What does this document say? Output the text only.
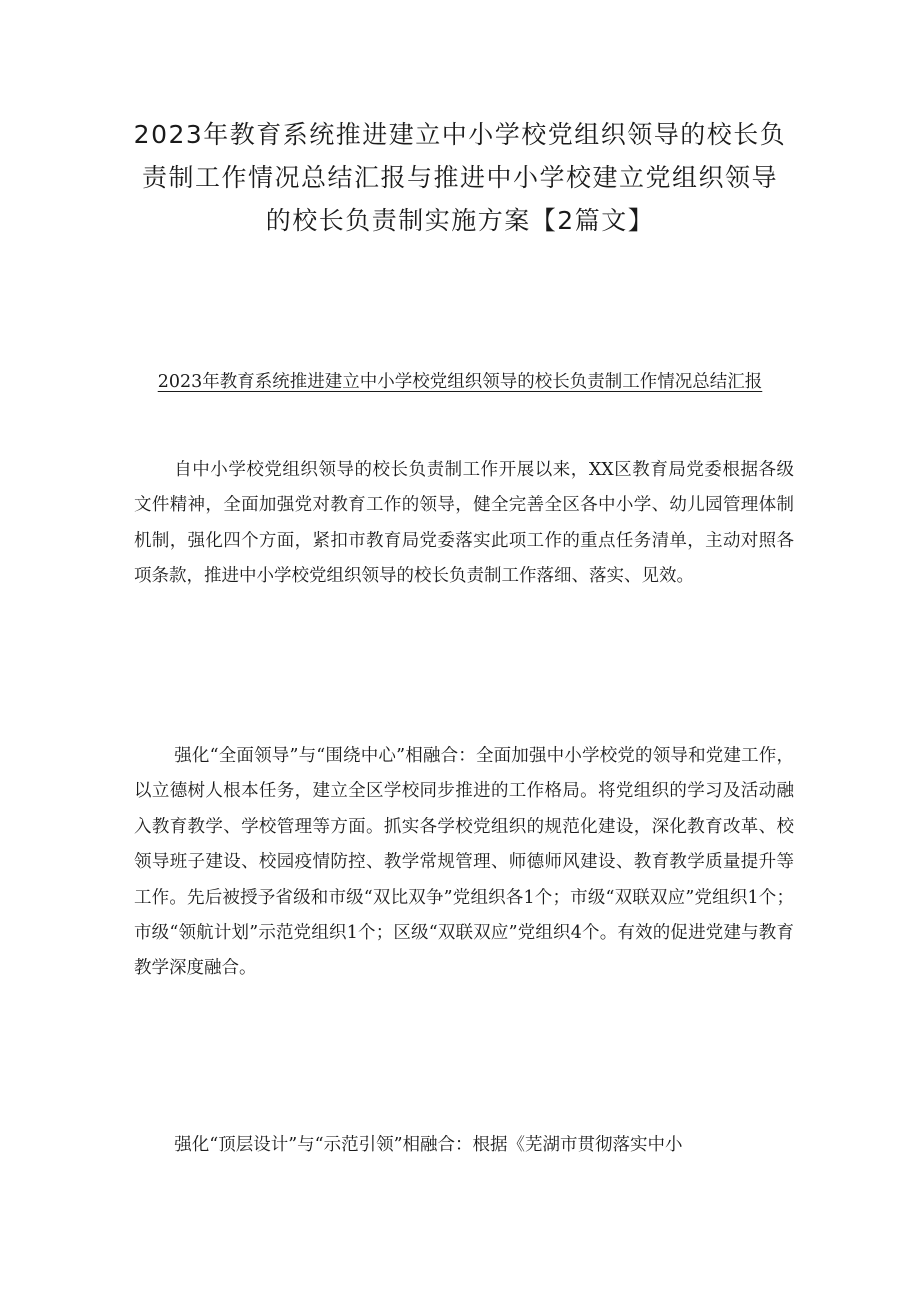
2023年教育系统推进建立中小学校党组织领导的校长负责制工作情况总结汇报与推进中小学校建立党组织领导的校长负责制实施方案【2篇文】
2023年教育系统推进建立中小学校党组织领导的校长负责制工作情况总结汇报

自中小学校党组织领导的校长负责制工作开展以来，XX区教育局党委根据各级文件精神，全面加强党对教育工作的领导，健全完善全区各中小学、幼儿园管理体制机制，强化四个方面，紧扣市教育局党委落实此项工作的重点任务清单，主动对照各项条款，推进中小学校党组织领导的校长负责制工作落细、落实、见效。

强化“全面领导”与“围绕中心”相融合：全面加强中小学校党的领导和党建工作，以立德树人根本任务，建立全区学校同步推进的工作格局。将党组织的学习及活动融入教育教学、学校管理等方面。抓实各学校党组织的规范化建设，深化教育改革、校领导班子建设、校园疫情防控、教学常规管理、师德师风建设、教育教学质量提升等工作。先后被授予省级和市级“双比双争”党组织各1个；市级“双联双应”党组织1个；市级“领航计划”示范党组织1个；区级“双联双应”党组织4个。有效的促进党建与教育教学深度融合。

强化“顶层设计”与“示范引领”相融合：根据《芜湖市贯彻落实中小
